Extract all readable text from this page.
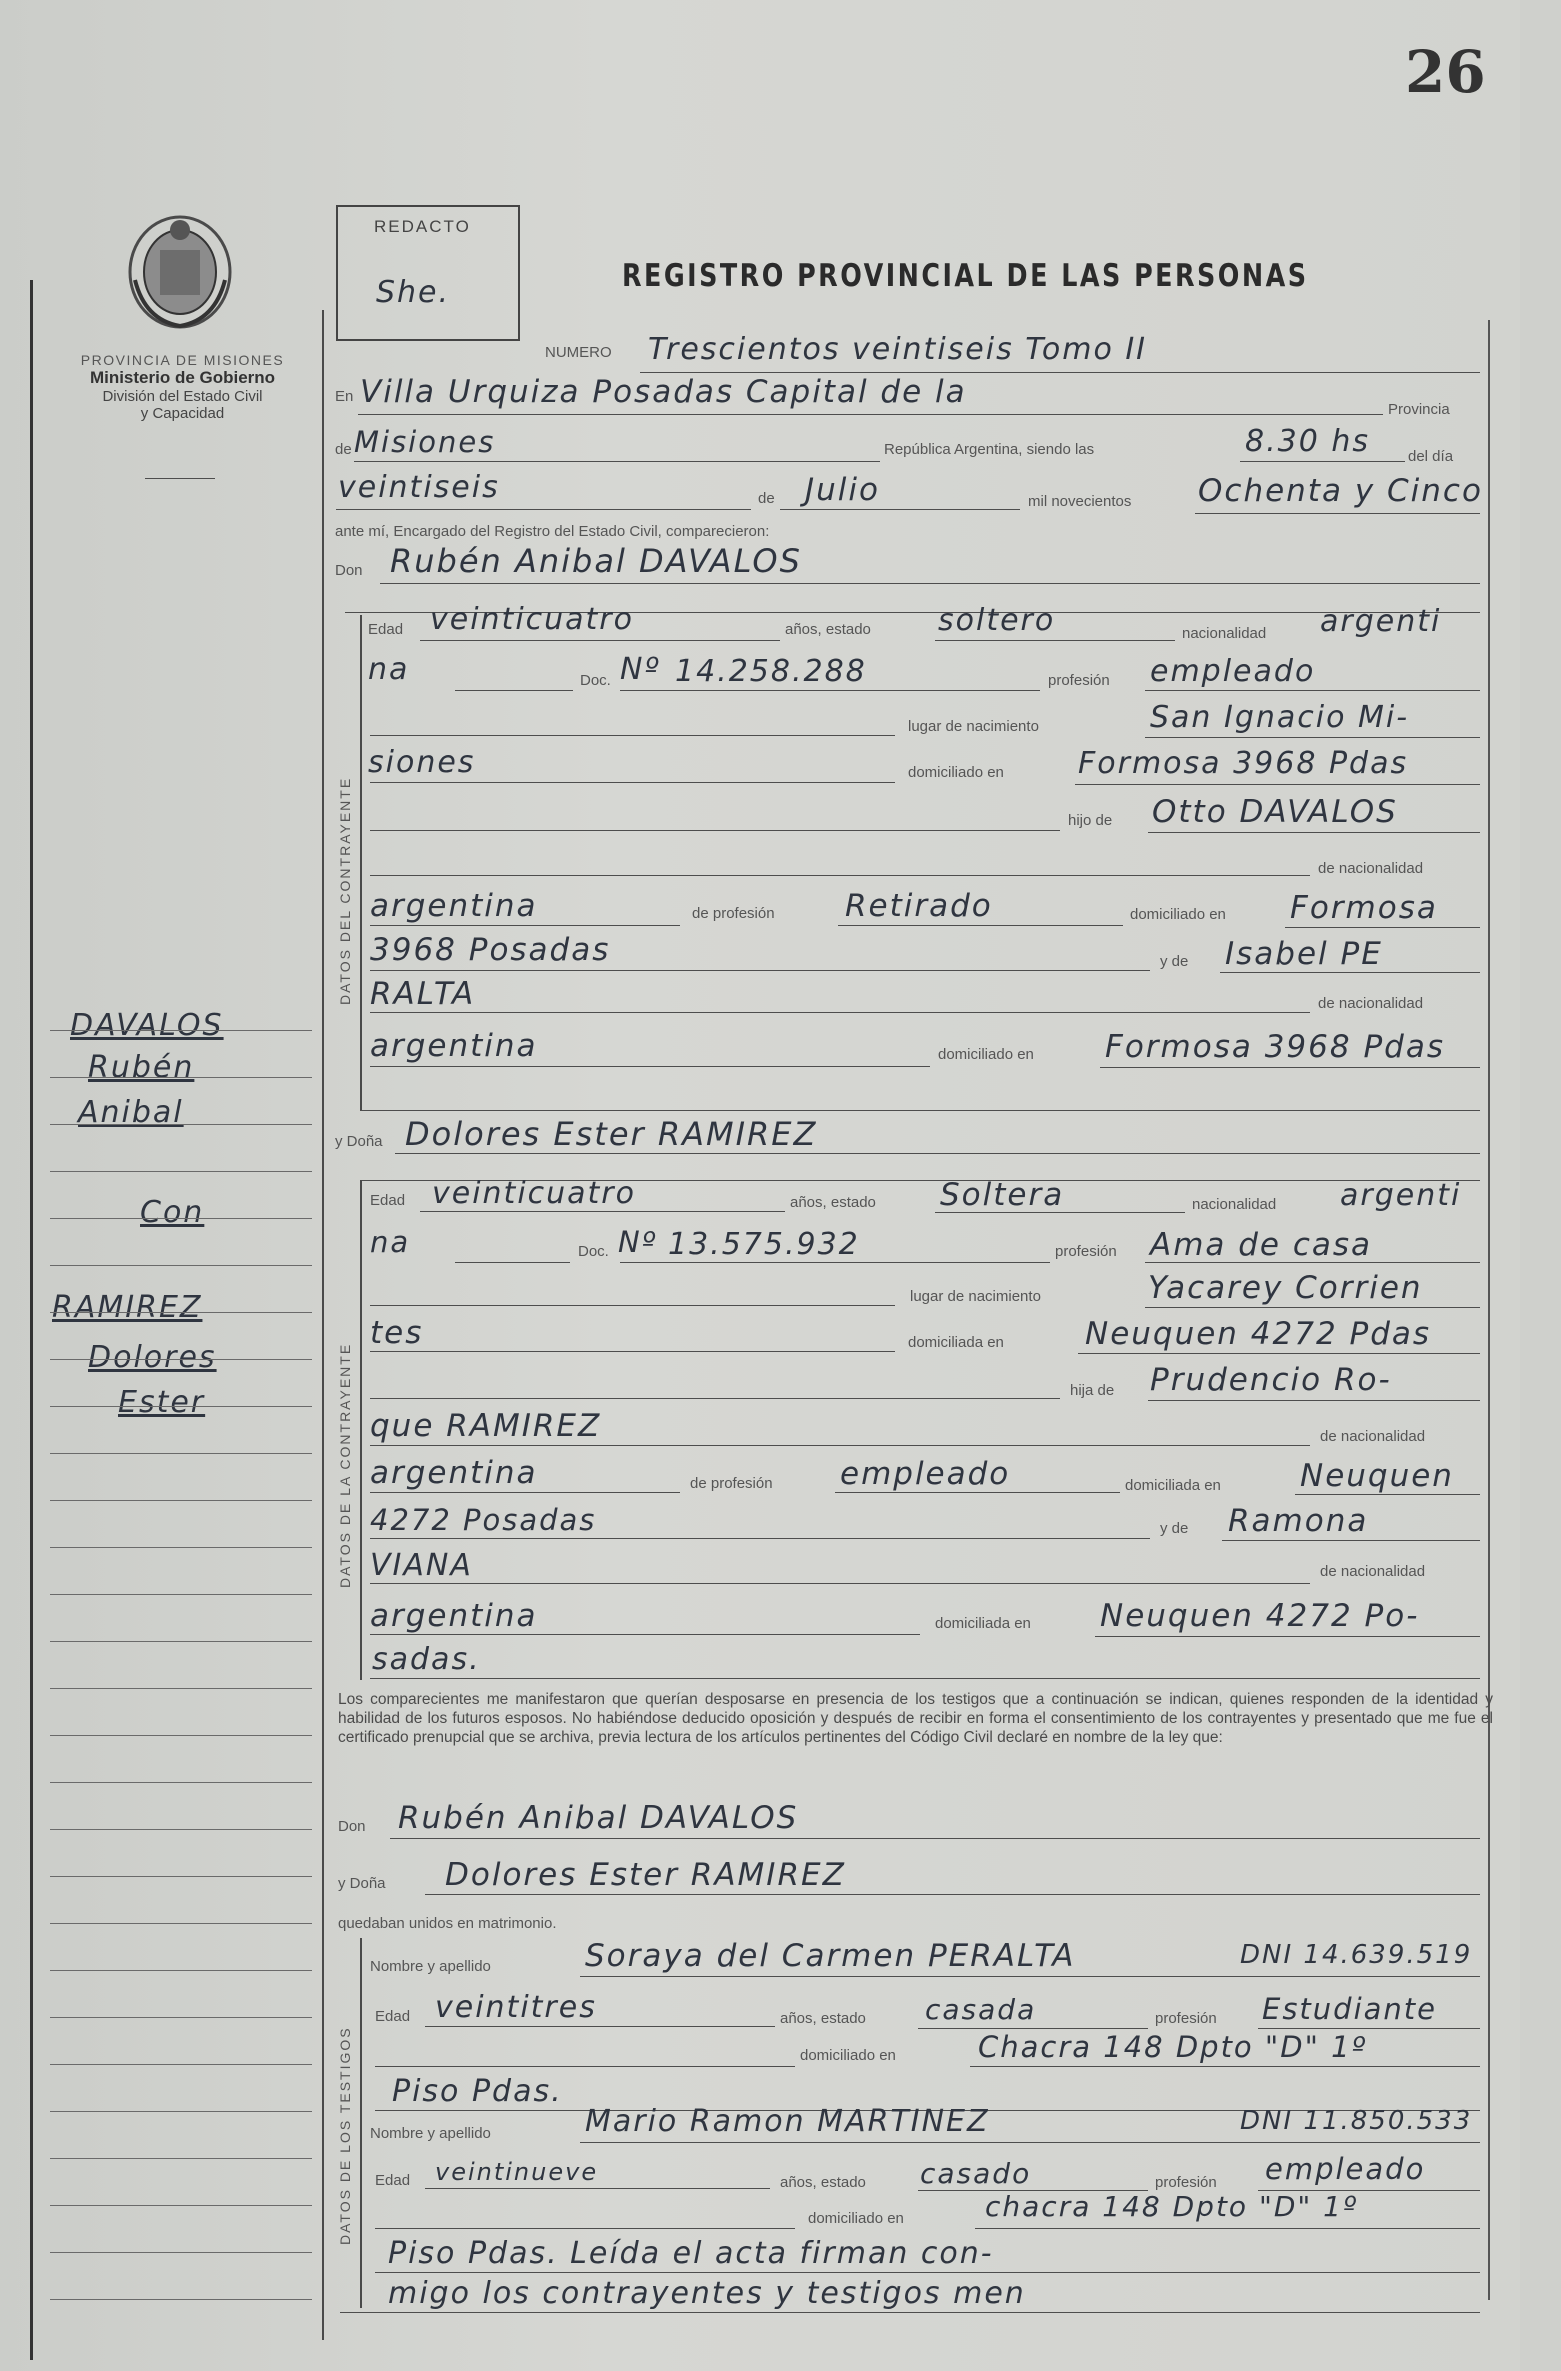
26
PROVINCIA DE MISIONES
Ministerio de Gobierno
División del Estado Civil
y Capacidad
DAVALOS
Rubén
Anibal
Con
RAMIREZ
Dolores
Ester
REDACTO
She.	REGISTRO PROVINCIAL DE LAS PERSONAS
NUMERO Trescientos veintiseis Tomo II
En Villa Urquiza Posadas Capital de la	Provincia
de Misiones	República Argentina, siendo las	8.30 hs	del día
veintiseis	de Julio	mil novecientos Ochenta y Cinco
ante mí, Encargado del Registro del Estado Civil, comparecieron:
Don Rubén Anibal DAVALOS
DATOS DEL CONTRAYENTE
Edad veinticuatro	años, estado soltero	nacionalidad argenti
na	Doc. Nº 14.258.288	profesión empleado
lugar de nacimiento	San Ignacio Mi-
siones	domiciliado en Formosa 3968 Pdas
hijo de Otto DAVALOS
de nacionalidad
argentina	de profesión Retirado	domiciliado en Formosa
3968 Posadas	y de Isabel PE
RALTA	de nacionalidad
argentina	domiciliado en Formosa 3968 Pdas
y Doña Dolores Ester RAMIREZ
DATOS DE LA CONTRAYENTE
Edad veinticuatro	años, estado Soltera	nacionalidad argenti
na	Doc. Nº 13.575.932	profesión Ama de casa
lugar de nacimiento	Yacarey Corrien
tes	domiciliada en	Neuquen 4272 Pdas
hija de Prudencio Ro-
que RAMIREZ	de nacionalidad
argentina	de profesión empleado	domiciliada en	Neuquen
4272 Posadas	y de Ramona
VIANA	de nacionalidad
argentina	domiciliada en Neuquen 4272 Po-
sadas.
Los comparecientes me manifestaron que querían desposarse en presencia de los testigos que a continuación se indican, quienes responden de la identidad y habilidad de los futuros esposos. No habiéndose deducido oposición y después de recibir en forma el consentimiento de los contrayentes y presentado que me fue el certificado prenupcial que se archiva, previa lectura de los artículos pertinentes del Código Civil declaré en nombre de la ley que:
Don Rubén Anibal DAVALOS
y Doña Dolores Ester RAMIREZ
quedaban unidos en matrimonio.
DATOS DE LOS TESTIGOS
Nombre y apellido	Soraya del Carmen PERALTA	DNI 14.639.519
Edad veintitres	años, estado casada	profesión Estudiante
domiciliado en	Chacra 148 Dpto "D" 1º
Piso Pdas.
Nombre y apellido	Mario Ramon MARTINEZ	DNI 11.850.533
Edad veintinueve	años, estado casado	profesión empleado
domiciliado en	chacra 148 Dpto "D" 1º
Piso Pdas. Leída el acta firman con-
migo los contrayentes y testigos men
